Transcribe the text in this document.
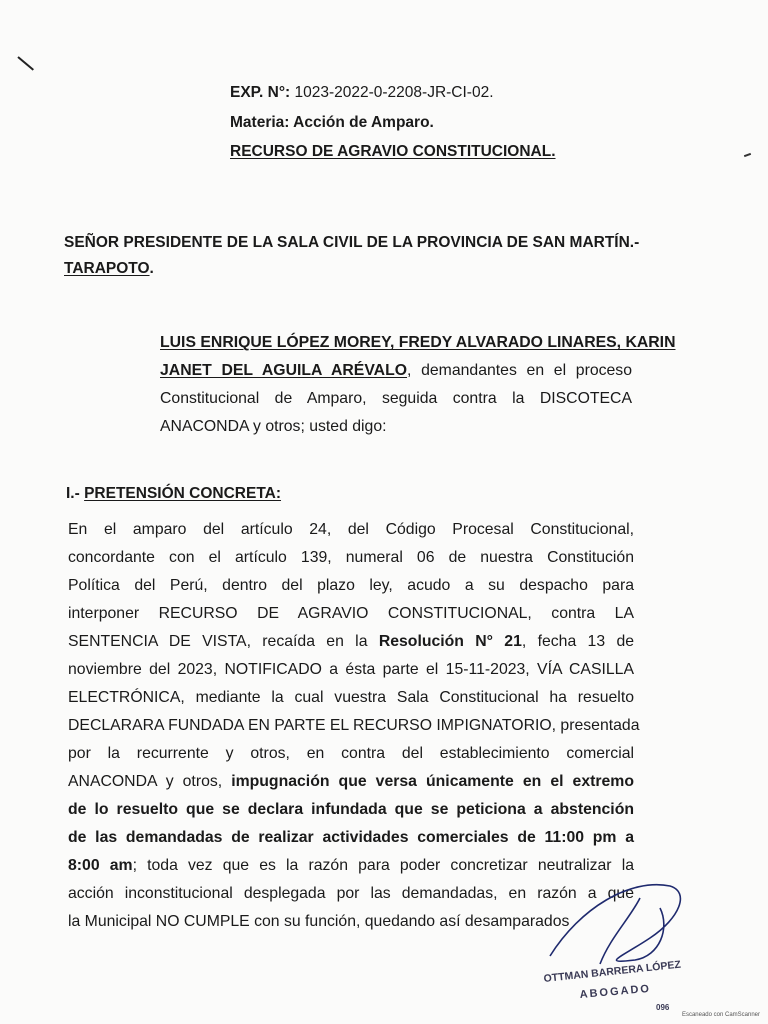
EXP. N°: 1023-2022-0-2208-JR-CI-02.
Materia: Acción de Amparo.
RECURSO DE AGRAVIO CONSTITUCIONAL.
SEÑOR PRESIDENTE DE LA SALA CIVIL DE LA PROVINCIA DE SAN MARTÍN.-
TARAPOTO.
LUIS ENRIQUE LÓPEZ MOREY, FREDY ALVARADO LINARES, KARIN
JANET DEL AGUILA ARÉVALO, demandantes en el proceso
Constitucional de Amparo, seguida contra la DISCOTECA
ANACONDA y otros; usted digo:
I.- PRETENSIÓN CONCRETA:
En el amparo del artículo 24, del Código Procesal Constitucional,
concordante con el artículo 139, numeral 06 de nuestra Constitución
Política del Perú, dentro del plazo ley, acudo a su despacho para
interponer RECURSO DE AGRAVIO CONSTITUCIONAL, contra LA
SENTENCIA DE VISTA, recaída en la Resolución N° 21, fecha 13 de
noviembre del 2023, NOTIFICADO a ésta parte el 15-11-2023, VÍA CASILLA
ELECTRÓNICA, mediante la cual vuestra Sala Constitucional ha resuelto
DECLARARA FUNDADA EN PARTE EL RECURSO IMPIGNATORIO, presentada
por la recurrente y otros, en contra del establecimiento comercial
ANACONDA y otros, impugnación que versa únicamente en el extremo
de lo resuelto que se declara infundada que se peticiona a abstención
de las demandadas de realizar actividades comerciales de 11:00 pm a
8:00 am; toda vez que es la razón para poder concretizar neutralizar la
acción inconstitucional desplegada por las demandadas, en razón a que
la Municipal NO CUMPLE con su función, quedando así desamparados
OTTMAN BARRERA LÓPEZ
ABOGADO
096
Escaneado con CamScanner
